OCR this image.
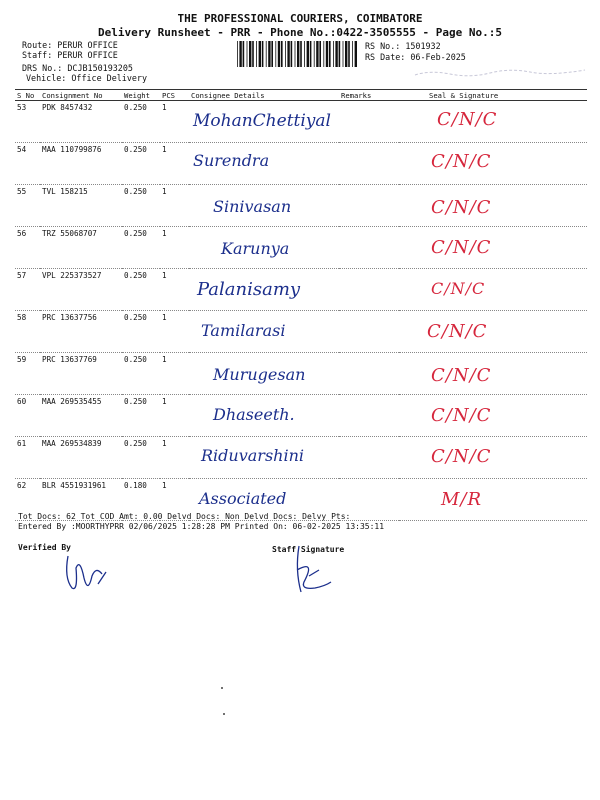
THE PROFESSIONAL COURIERS, COIMBATORE
Delivery Runsheet - PRR - Phone No.:0422-3505555 - Page No.:5
Route: PERUR OFFICE
Staff: PERUR OFFICE
DRS No.: DCJB150193205
Vehicle: Office Delivery
RS No.: 1501932
RS Date: 06-Feb-2025
S No	Consignment No	Weight	PCS	Consignee Details	Remarks	Seal & Signature
53	PDK 8457432	0.250	1	MohanChettiyal		C/N/C

54	MAA 110799876	0.250	1	Surendra		C/N/C

55	TVL 158215	0.250	1	Sinivasan		C/N/C

56	TRZ 55068707	0.250	1	Karunya		C/N/C

57	VPL 225373527	0.250	1	Palanisamy		C/N/C

58	PRC 13637756	0.250	1	Tamilarasi		C/N/C

59	PRC 13637769	0.250	1	Murugesan		C/N/C

60	MAA 269535455	0.250	1	Dhaseeth.		C/N/C

61	MAA 269534839	0.250	1	Riduvarshini		C/N/C

62	BLR 4551931961	0.180	1	Associated		M/R
Tot Docs: 62 Tot COD Amt: 0.00 Delvd Docs: Non Delvd Docs: Delvy Pts:
Entered By :MOORTHYPRR 02/06/2025 1:28:28 PM Printed On: 06-02-2025 13:35:11
Verified By	Staff Signature
